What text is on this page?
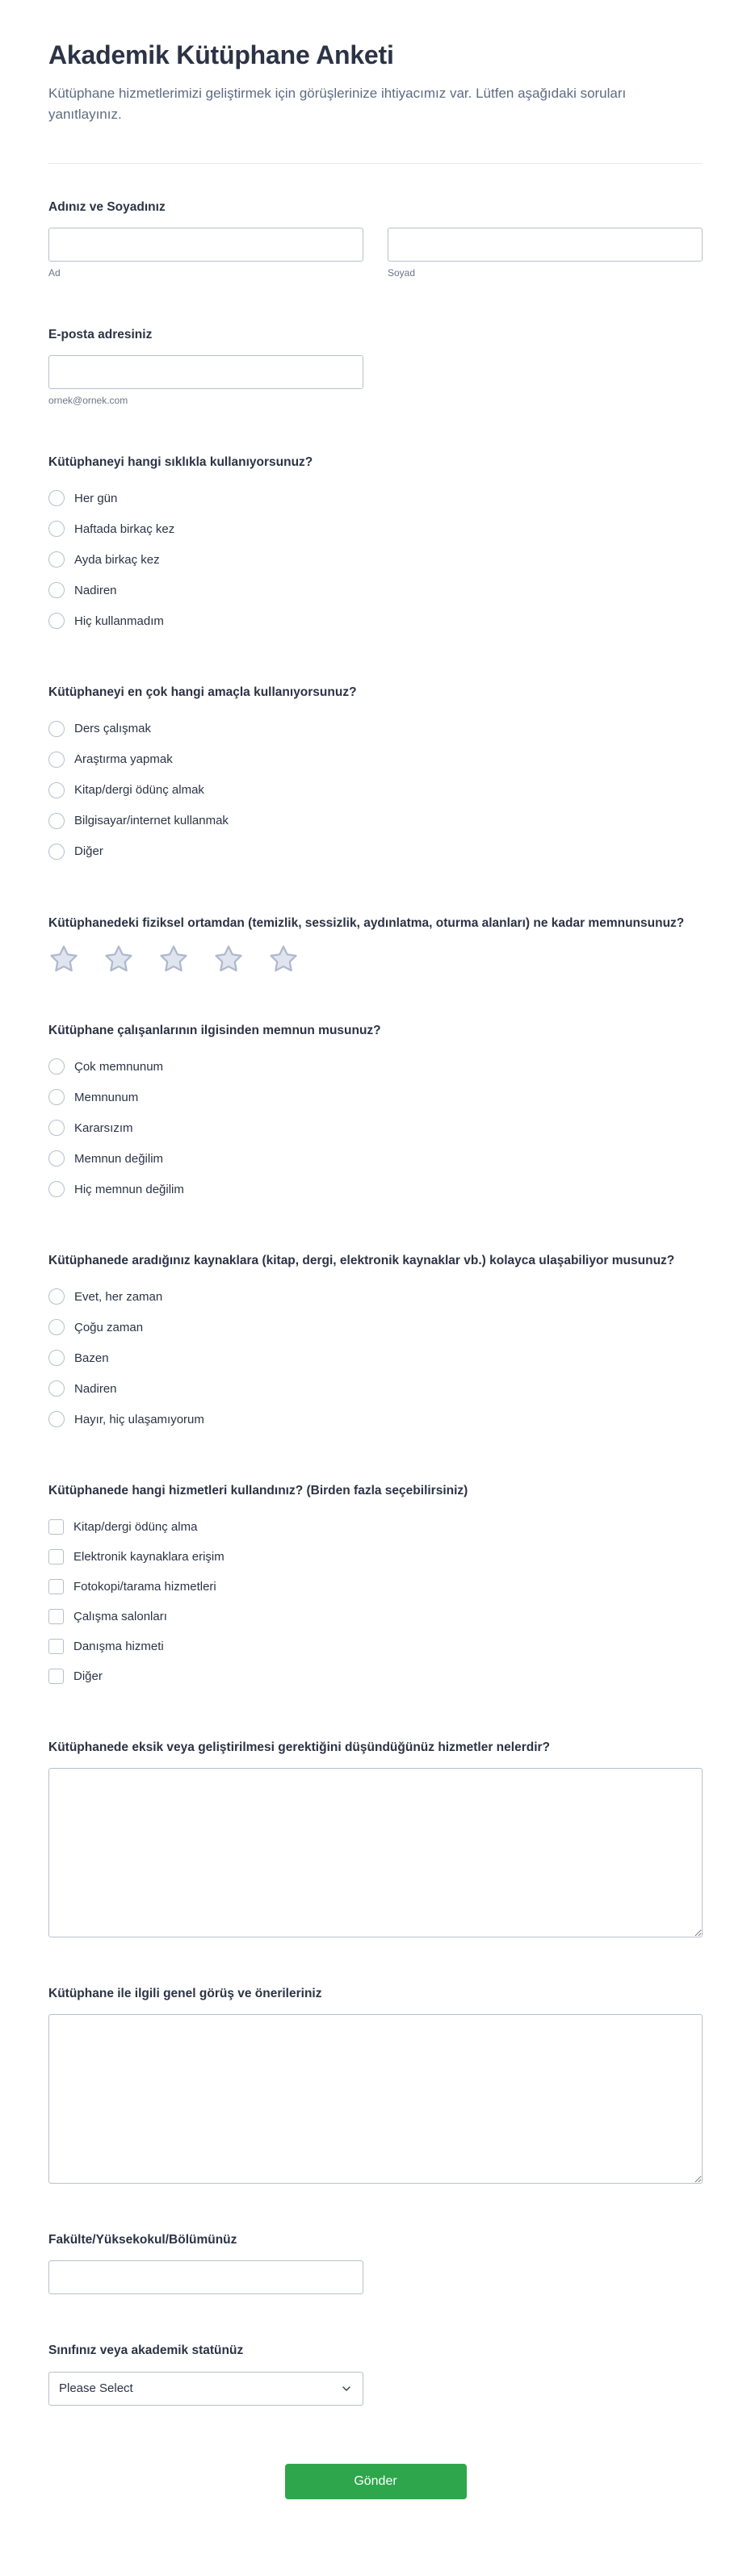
Akademik Kütüphane Anketi

Kütüphane hizmetlerimizi geliştirmek için görüşlerinize ihtiyacımız var. Lütfen aşağıdaki soruları yanıtlayınız.

Adınız ve Soyadınız
Ad	Soyad
E-posta adresiniz
ornek@ornek.com
Kütüphaneyi hangi sıklıkla kullanıyorsunuz?
Her gün
Haftada birkaç kez
Ayda birkaç kez
Nadiren
Hiç kullanmadım
Kütüphaneyi en çok hangi amaçla kullanıyorsunuz?
Ders çalışmak
Araştırma yapmak
Kitap/dergi ödünç almak
Bilgisayar/internet kullanmak
Diğer
Kütüphanedeki fiziksel ortamdan (temizlik, sessizlik, aydınlatma, oturma alanları) ne kadar memnunsunuz?
Kütüphane çalışanlarının ilgisinden memnun musunuz?
Çok memnunum
Memnunum
Kararsızım
Memnun değilim
Hiç memnun değilim
Kütüphanede aradığınız kaynaklara (kitap, dergi, elektronik kaynaklar vb.) kolayca ulaşabiliyor musunuz?
Evet, her zaman
Çoğu zaman
Bazen
Nadiren
Hayır, hiç ulaşamıyorum
Kütüphanede hangi hizmetleri kullandınız? (Birden fazla seçebilirsiniz)
Kitap/dergi ödünç alma
Elektronik kaynaklara erişim
Fotokopi/tarama hizmetleri
Çalışma salonları
Danışma hizmeti
Diğer
Kütüphanede eksik veya geliştirilmesi gerektiğini düşündüğünüz hizmetler nelerdir?
Kütüphane ile ilgili genel görüş ve önerileriniz
Fakülte/Yüksekokul/Bölümünüz
Sınıfınız veya akademik statünüz
Please Select
Gönder
